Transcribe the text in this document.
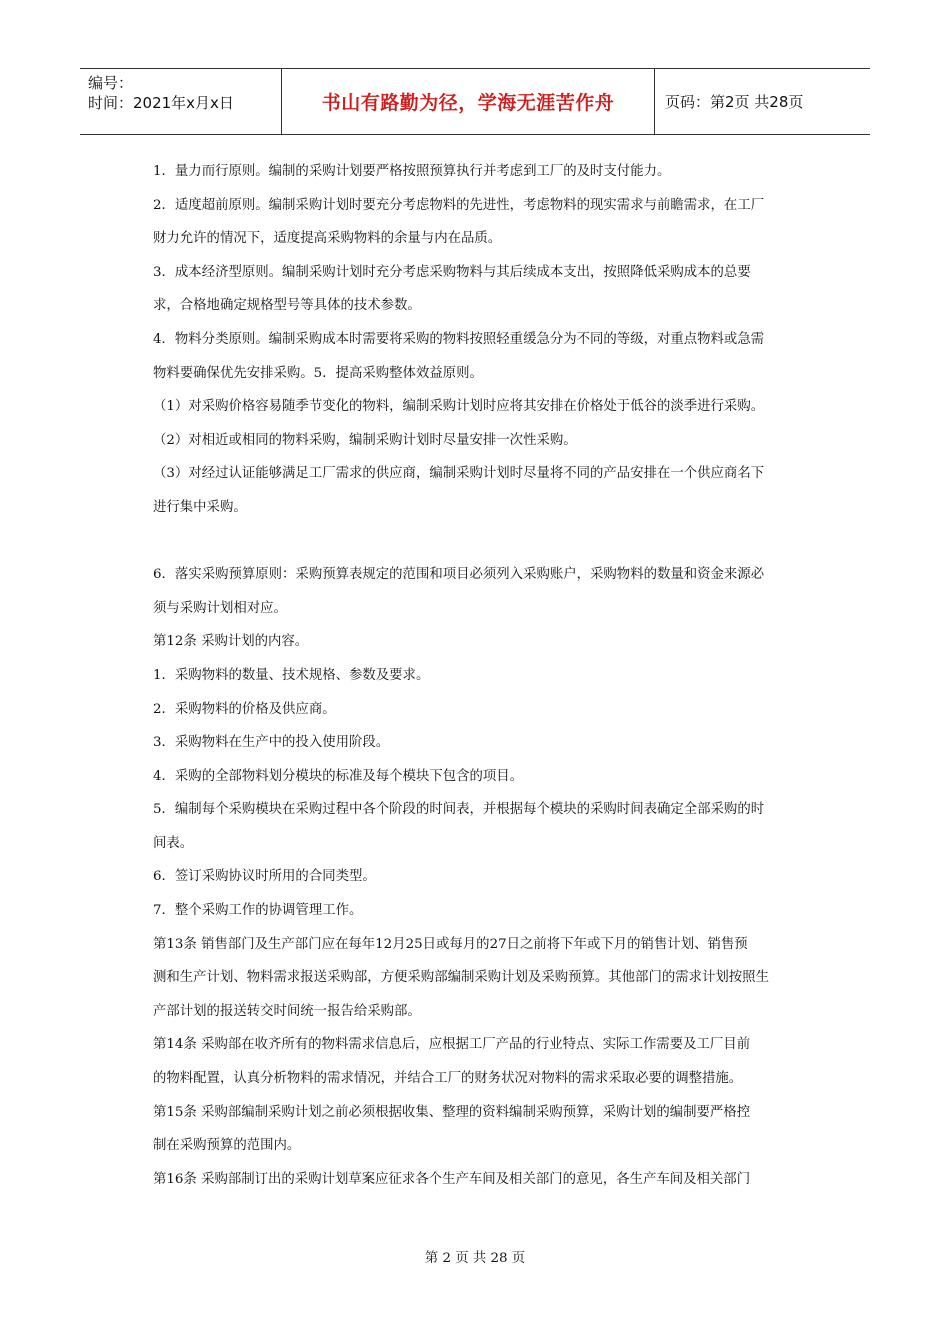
编号：
时间：2021年x月x日	书山有路勤为径，学海无涯苦作舟	页码：第2页 共28页
1．量力而行原则。编制的采购计划要严格按照预算执行并考虑到工厂的及时支付能力。
2．适度超前原则。编制采购计划时要充分考虑物料的先进性，考虑物料的现实需求与前瞻需求，在工厂
财力允许的情况下，适度提高采购物料的余量与内在品质。
3．成本经济型原则。编制采购计划时充分考虑采购物料与其后续成本支出，按照降低采购成本的总要
求，合格地确定规格型号等具体的技术参数。
4．物料分类原则。编制采购成本时需要将采购的物料按照轻重缓急分为不同的等级，对重点物料或急需
物料要确保优先安排采购。5．提高采购整体效益原则。
（1）对采购价格容易随季节变化的物料，编制采购计划时应将其安排在价格处于低谷的淡季进行采购。
（2）对相近或相同的物料采购，编制采购计划时尽量安排一次性采购。
（3）对经过认证能够满足工厂需求的供应商，编制采购计划时尽量将不同的产品安排在一个供应商名下
进行集中采购。
6．落实采购预算原则：采购预算表规定的范围和项目必须列入采购账户，采购物料的数量和资金来源必
须与采购计划相对应。
第12条 采购计划的内容。
1．采购物料的数量、技术规格、参数及要求。
2．采购物料的价格及供应商。
3．采购物料在生产中的投入使用阶段。
4．采购的全部物料划分模块的标准及每个模块下包含的项目。
5．编制每个采购模块在采购过程中各个阶段的时间表，并根据每个模块的采购时间表确定全部采购的时
间表。
6．签订采购协议时所用的合同类型。
7．整个采购工作的协调管理工作。
第13条 销售部门及生产部门应在每年12月25日或每月的27日之前将下年或下月的销售计划、销售预
测和生产计划、物料需求报送采购部，方便采购部编制采购计划及采购预算。其他部门的需求计划按照生
产部计划的报送转交时间统一报告给采购部。
第14条 采购部在收齐所有的物料需求信息后，应根据工厂产品的行业特点、实际工作需要及工厂目前
的物料配置，认真分析物料的需求情况，并结合工厂的财务状况对物料的需求采取必要的调整措施。
第15条 采购部编制采购计划之前必须根据收集、整理的资料编制采购预算，采购计划的编制要严格控
制在采购预算的范围内。
第16条 采购部制订出的采购计划草案应征求各个生产车间及相关部门的意见，各生产车间及相关部门
第 2 页 共 28 页
